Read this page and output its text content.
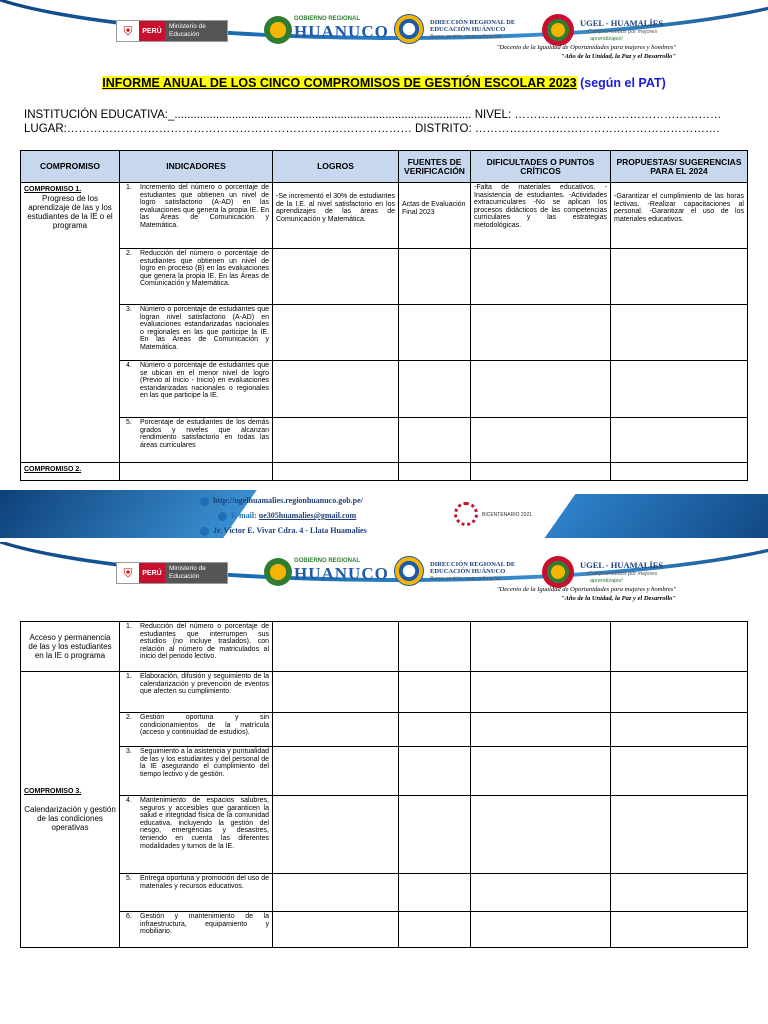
⛨	PERÚ
Ministerio de Educación
GOBIERNO REGIONAL
HUANUCO	DIRECCIÓN REGIONAL DE EDUCACIÓN HUÁNUCO
Buena gestión, mejor educación
UGEL - HUAMALÍES
¡Comprometidos por mejores
aprendizajes!
"Decenio de la Igualdad de Oportunidades para mujeres y hombres"
"Año de la Unidad, la Paz y el Desarrollo"
INFORME ANUAL DE LOS CINCO COMPROMISOS DE GESTIÓN ESCOLAR 2023 (según el PAT)
INSTITUCIÓN EDUCATIVA:_............................................................................................. NIVEL: ………………………………………………
LUGAR:……………………………………………………………………………… DISTRITO: ……………………………………………………….
COMPROMISO	INDICADORES	LOGROS	FUENTES DE VERIFICACIÓN	DIFICULTADES O PUNTOS CRÍTICOS	PROPUESTAS/ SUGERENCIAS PARA EL 2024

COMPROMISO 1.
Progreso de los aprendizaje de las y los estudiantes de la IE o el programa	1. Incremento del número o porcentaje de estudiantes que obtienen un nivel de logro satisfactorio (A-AD) en las evaluaciones que genera la propia IE. En las Áreas de Comunicación y Matemática.	-Se incrementó el 30% de estudiantes de la I.E. al nivel satisfactorio en los aprendizajes de las áreas de Comunicación y Matemática.	Actas de Evaluación Final 2023	-Falta de materiales educativos. -Inasistencia de estudiantes. -Actividades extracurriculares -No se aplican los procesos didácticos de las competencias curriculares y las estrategias metodológicas.	-Garantizar el cumplimiento de las horas lectivas. -Realizar capacitaciones al personal. -Garantizar el uso de los materiales educativos.

	2. Reducción del número o porcentaje de estudiantes que obtienen un nivel de logro en proceso (B) en las evaluaciones que genera la propia IE. En las Áreas de Comunicación y Matemática.				

	3. Número o porcentaje de estudiantes que logran nivel satisfactorio (A-AD) en evaluaciones estandarizadas nacionales o regionales en las que participe la IE. En las Áreas de Comunicación y Matemática.				

	4. Número o porcentaje de estudiantes que se ubican en el menor nivel de logro (Previo al inicio - Inicio) en evaluaciones estandarizadas nacionales o regionales en las que participe la IE.				

	5. Porcentaje de estudiantes de los demás grados y niveles que alcanzan rendimiento satisfactorio en todas las áreas curriculares				

COMPROMISO 2.					

http://ugelhuamalies.regionhuanuco.gob.pe/
E-mail: ue305huamalies@gmail.com
Jr. Víctor E. Vivar Cdra. 4 - Llata Huamalíes
BICENTENARIO 2021
⛨	PERÚ
Ministerio de Educación
GOBIERNO REGIONAL
HUANUCO	DIRECCIÓN REGIONAL DE EDUCACIÓN HUÁNUCO
Buena gestión, mejor educación
UGEL - HUAMALÍES
¡Comprometidos por mejores
aprendizajes!
"Decenio de la Igualdad de Oportunidades para mujeres y hombres"
"Año de la Unidad, la Paz y el Desarrollo"
Acceso y permanencia de las y los estudiantes en la IE o programa	1. Reducción del número o porcentaje de estudiantes que interrumpen sus estudios (no incluye traslados), con relación al número de matriculados al inicio del periodo lectivo.				

COMPROMISO 3.

Calendarización y gestión de las condiciones operativas	1. Elaboración, difusión y seguimiento de la calendarización y prevención de eventos que afecten su cumplimiento.				

	2. Gestión oportuna y sin condicionamientos de la matrícula (acceso y continuidad de estudios).				

	3. Seguimiento a la asistencia y puntualidad de las y los estudiantes y del personal de la IE asegurando el cumplimiento del tiempo lectivo y de gestión.				

	4. Mantenimiento de espacios salubres, seguros y accesibles que garanticen la salud e integridad física de la comunidad educativa, incluyendo la gestión del riesgo, emergencias y desastres, teniendo en cuenta las diferentes modalidades y turnos de la IE.				

	5. Entrega oportuna y promoción del uso de materiales y recursos educativos.				

	6. Gestión y mantenimiento de la infraestructura, equipamiento y mobiliario.				
